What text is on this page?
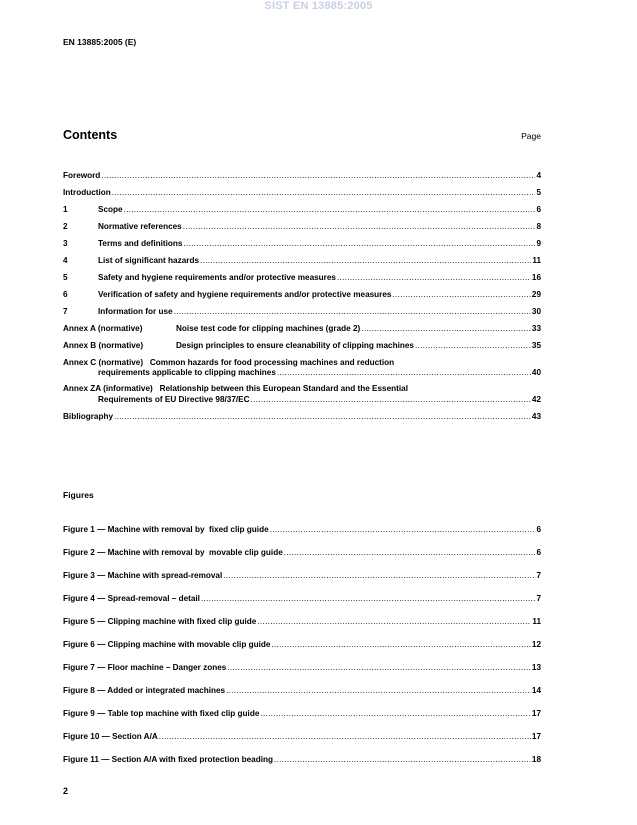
SIST EN 13885:2005
EN 13885:2005 (E)
Contents	Page
Foreword .....	4
Introduction .....	5
1	Scope .....	6
2	Normative references .....	8
3	Terms and definitions .....	9
4	List of significant hazards .....	11
5	Safety and hygiene requirements and/or protective measures .....	16
6	Verification of safety and hygiene requirements and/or protective measures .....	29
7	Information for use .....	30
Annex A (normative)	Noise test code for clipping machines (grade 2) .....	33
Annex B (normative)	Design principles to ensure cleanability of clipping machines .....	35
Annex C (normative)   Common hazards for food processing machines and reduction
requirements applicable to clipping machines .....	40
Annex ZA (informative)   Relationship between this European Standard and the Essential
Requirements of EU Directive 98/37/EC .....	42
Bibliography .....	43
Figures
Figure 1 — Machine with removal by  fixed clip guide .....	6
Figure 2 — Machine with removal by  movable clip guide .....	6
Figure 3 — Machine with spread-removal .....	7
Figure 4 — Spread-removal – detail .....	7
Figure 5 — Clipping machine with fixed clip guide .....	11
Figure 6 — Clipping machine with movable clip guide .....	12
Figure 7 — Floor machine – Danger zones .....	13
Figure 8 — Added or integrated machines .....	14
Figure 9 — Table top machine with fixed clip guide .....	17
Figure 10 — Section A/A .....	17
Figure 11 — Section A/A with fixed protection beading .....	18
2
